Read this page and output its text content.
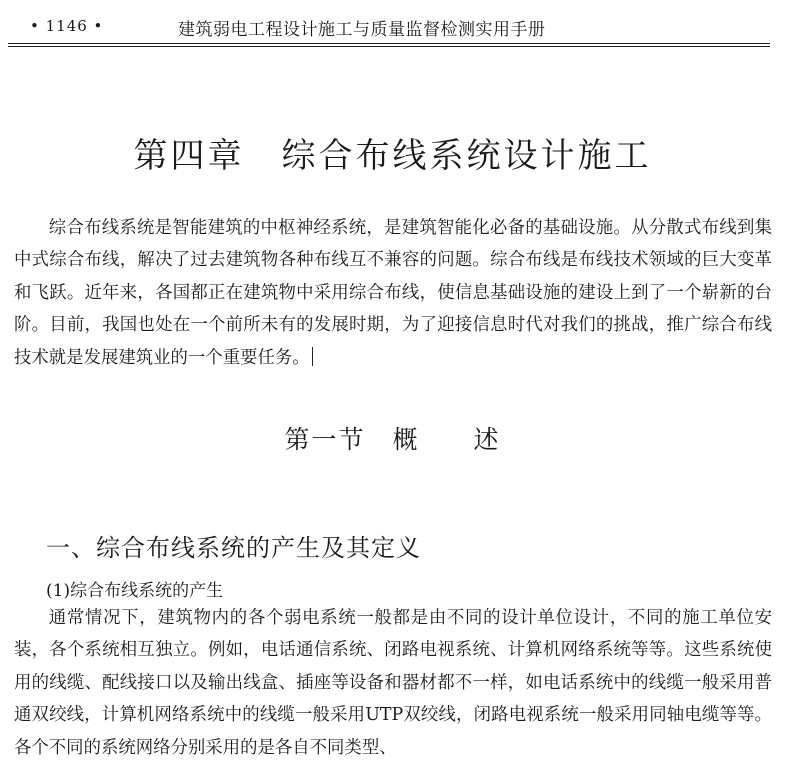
• 1146 •	建筑弱电工程设计施工与质量监督检测实用手册
第四章　综合布线系统设计施工

综合布线系统是智能建筑的中枢神经系统，是建筑智能化必备的基础设施。从分散式布线到集中式综合布线，解决了过去建筑物各种布线互不兼容的问题。综合布线是布线技术领域的巨大变革和飞跃。近年来，各国都正在建筑物中采用综合布线，使信息基础设施的建设上到了一个崭新的台阶。目前，我国也处在一个前所未有的发展时期，为了迎接信息时代对我们的挑战，推广综合布线技术就是发展建筑业的一个重要任务。

第一节　概　　述
一、综合布线系统的产生及其定义
(1)综合布线系统的产生

通常情况下，建筑物内的各个弱电系统一般都是由不同的设计单位设计，不同的施工单位安装，各个系统相互独立。例如，电话通信系统、闭路电视系统、计算机网络系统等等。这些系统使用的线缆、配线接口以及输出线盒、插座等设备和器材都不一样，如电话系统中的线缆一般采用普通双绞线，计算机网络系统中的线缆一般采用UTP双绞线，闭路电视系统一般采用同轴电缆等等。各个不同的系统网络分别采用的是各自不同类型、
